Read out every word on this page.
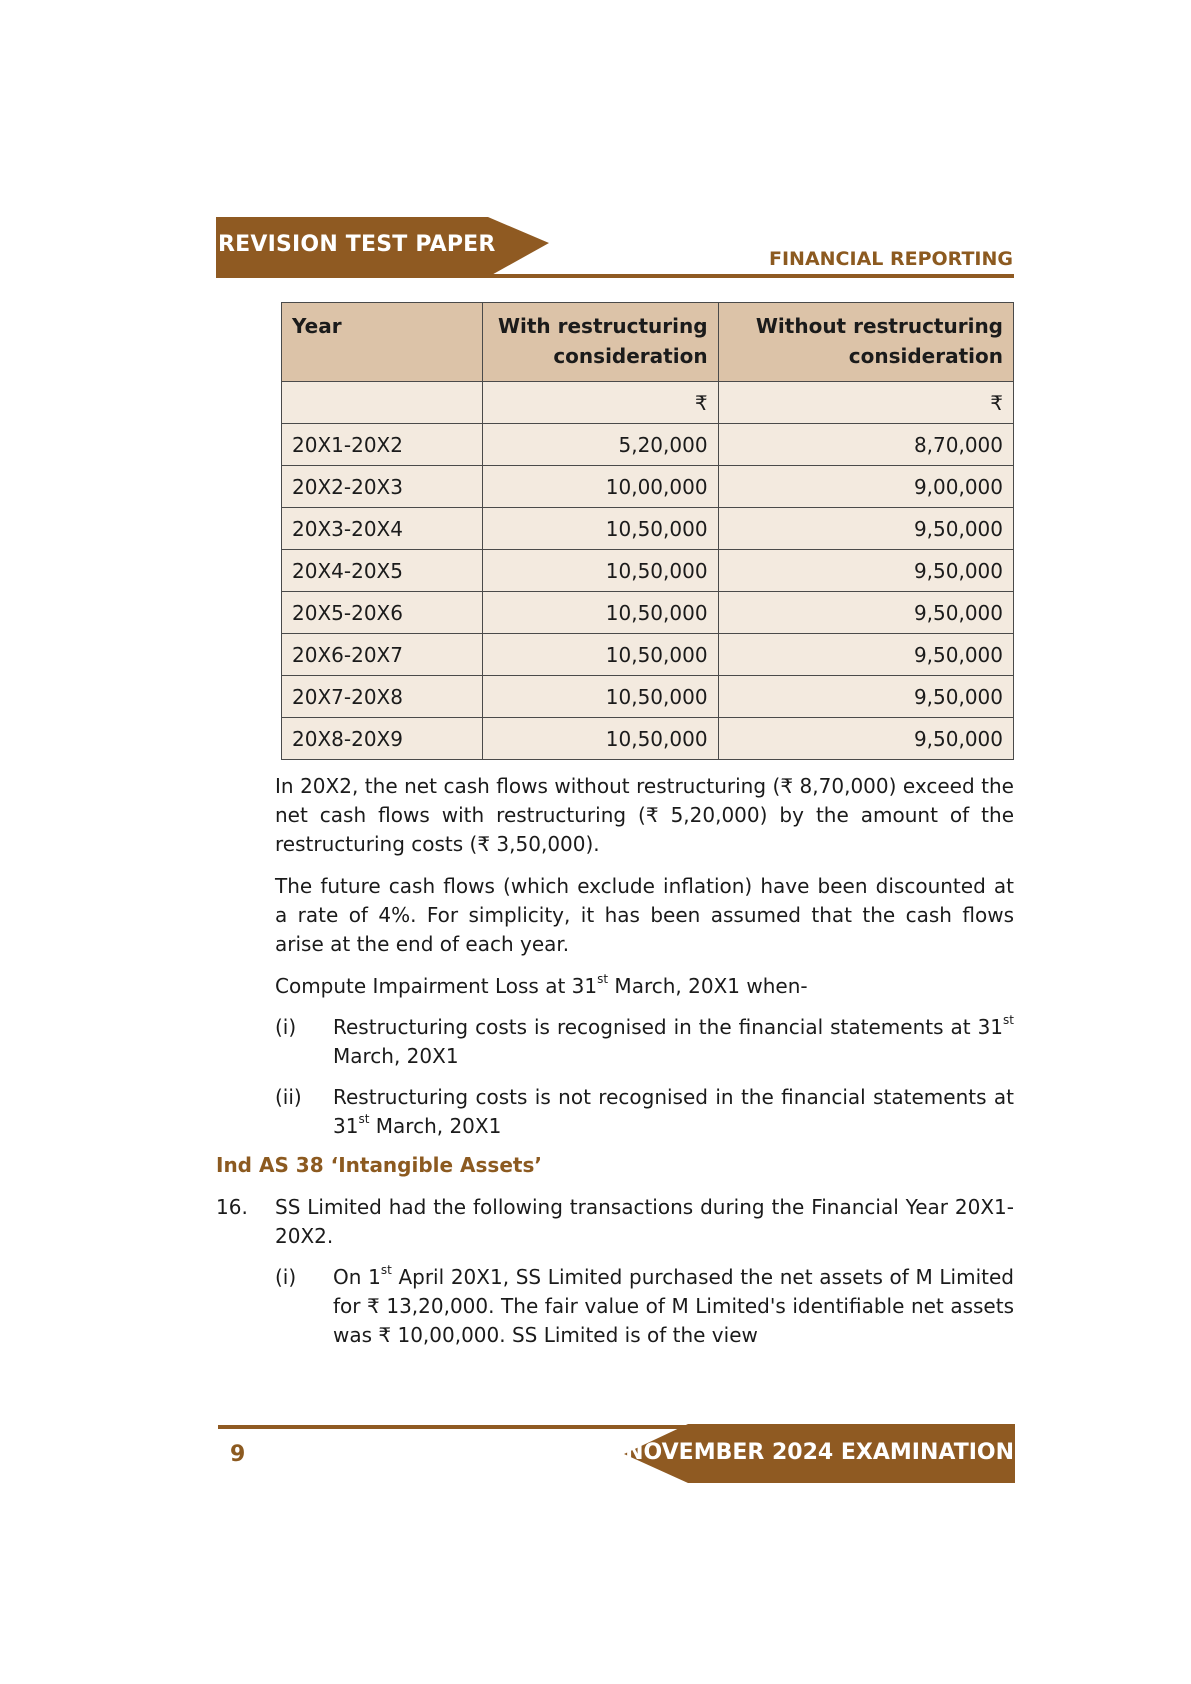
REVISION TEST PAPER
FINANCIAL REPORTING
Year	With restructuring consideration	Without restructuring consideration
	₹	₹
20X1-20X2	5,20,000	8,70,000
20X2-20X3	10,00,000	9,00,000
20X3-20X4	10,50,000	9,50,000
20X4-20X5	10,50,000	9,50,000
20X5-20X6	10,50,000	9,50,000
20X6-20X7	10,50,000	9,50,000
20X7-20X8	10,50,000	9,50,000
20X8-20X9	10,50,000	9,50,000
In 20X2, the net cash flows without restructuring (₹ 8,70,000) exceed the net cash flows with restructuring (₹ 5,20,000) by the amount of the restructuring costs (₹ 3,50,000).
The future cash flows (which exclude inflation) have been discounted at a rate of 4%. For simplicity, it has been assumed that the cash flows arise at the end of each year.
Compute Impairment Loss at 31st March, 20X1 when-
(i) Restructuring costs is recognised in the financial statements at 31st March, 20X1
(ii) Restructuring costs is not recognised in the financial statements at 31st March, 20X1
Ind AS 38 ‘Intangible Assets’
16. SS Limited had the following transactions during the Financial Year 20X1-20X2.
(i) On 1st April 20X1, SS Limited purchased the net assets of M Limited for ₹ 13,20,000. The fair value of M Limited's identifiable net assets was ₹ 10,00,000. SS Limited is of the view
9	NOVEMBER 2024 EXAMINATION
